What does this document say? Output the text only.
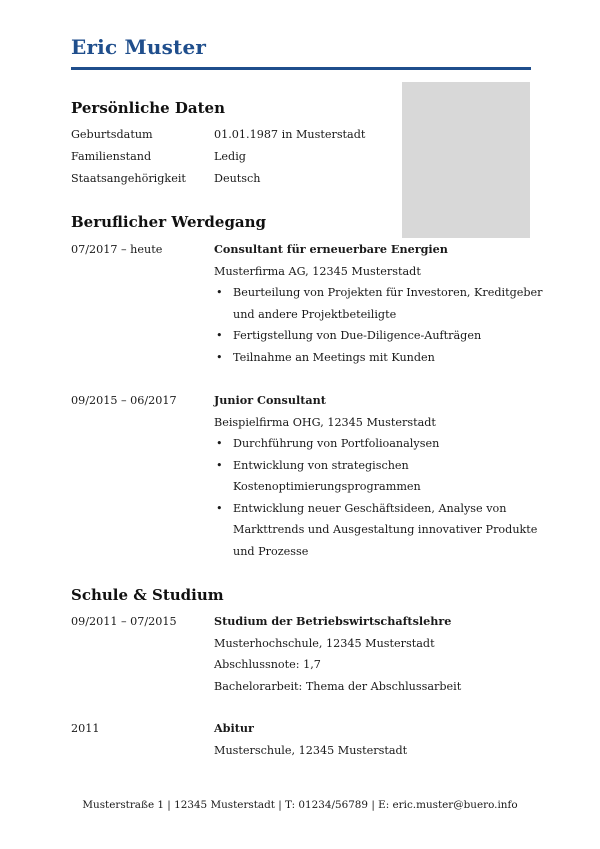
Eric Muster
Persönliche Daten
Geburtsdatum	01.01.1987 in Musterstadt
Familienstand	Ledig
Staatsangehörigkeit	Deutsch
Beruflicher Werdegang
07/2017 – heute	Consultant für erneuerbare Energien
Musterfirma AG, 12345 Musterstadt
• Beurteilung von Projekten für Investoren, Kreditgeber
und andere Projektbeteiligte
• Fertigstellung von Due-Diligence-Aufträgen
• Teilnahme an Meetings mit Kunden
09/2015 – 06/2017	Junior Consultant
Beispielfirma OHG, 12345 Musterstadt
• Durchführung von Portfolioanalysen
• Entwicklung von strategischen
Kostenoptimierungsprogrammen
• Entwicklung neuer Geschäftsideen, Analyse von
Markttrends und Ausgestaltung innovativer Produkte
und Prozesse
Schule & Studium
09/2011 – 07/2015	Studium der Betriebswirtschaftslehre
Musterhochschule, 12345 Musterstadt
Abschlussnote: 1,7
Bachelorarbeit: Thema der Abschlussarbeit
2011	Abitur
Musterschule, 12345 Musterstadt
Musterstraße 1 | 12345 Musterstadt | T: 01234/56789 | E: eric.muster@buero.info
